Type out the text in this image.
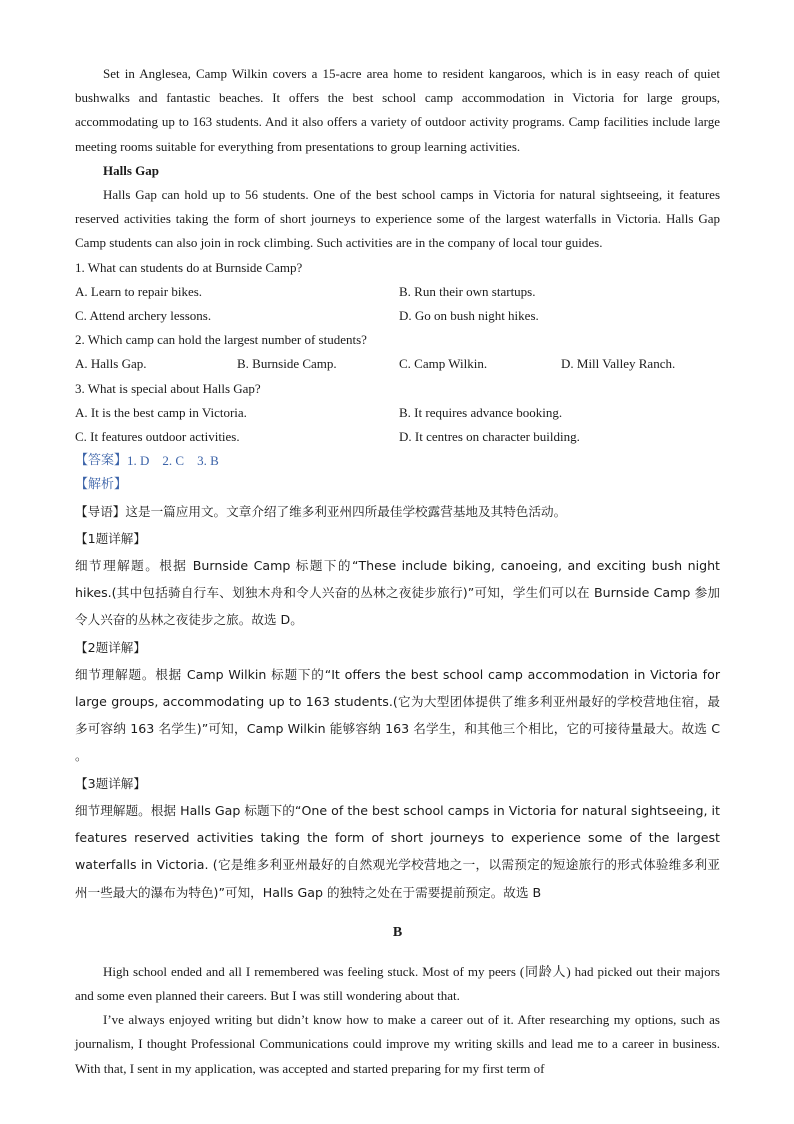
Set in Anglesea, Camp Wilkin covers a 15-acre area home to resident kangaroos, which is in easy reach of quiet bushwalks and fantastic beaches. It offers the best school camp accommodation in Victoria for large groups, accommodating up to 163 students. And it also offers a variety of outdoor activity programs. Camp facilities include large meeting rooms suitable for everything from presentations to group learning activities.

Halls Gap

Halls Gap can hold up to 56 students. One of the best school camps in Victoria for natural sightseeing, it features reserved activities taking the form of short journeys to experience some of the largest waterfalls in Victoria. Halls Gap Camp students can also join in rock climbing. Such activities are in the company of local tour guides.

1. What can students do at Burnside Camp?

A. Learn to repair bikes.	B. Run their own startups.
C. Attend archery lessons.	D. Go on bush night hikes.

2. Which camp can hold the largest number of students?

A. Halls Gap.	B. Burnside Camp.	C. Camp Wilkin.	D. Mill Valley Ranch.

3. What is special about Halls Gap?

A. It is the best camp in Victoria.	B. It requires advance booking.
C. It features outdoor activities.	D. It centres on character building.
【答案】 1. D    2. C    3. B
【解析】

【导语】这是一篇应用文。文章介绍了维多利亚州四所最佳学校露营基地及其特色活动。

【1题详解】

细节理解题。根据 Burnside Camp 标题下的“These include biking, canoeing, and exciting bush night hikes.(其中包括骑自行车、划独木舟和令人兴奋的丛林之夜徒步旅行)”可知，学生们可以在 Burnside Camp 参加令人兴奋的丛林之夜徒步之旅。故选 D。

【2题详解】

细节理解题。根据 Camp Wilkin 标题下的“It offers the best school camp accommodation in Victoria for large groups, accommodating up to 163 students.(它为大型团体提供了维多利亚州最好的学校营地住宿，最多可容纳 163 名学生)”可知，Camp Wilkin 能够容纳 163 名学生，和其他三个相比，它的可接待量最大。故选 C 。

【3题详解】

细节理解题。根据 Halls Gap 标题下的“One of the best school camps in Victoria for natural sightseeing, it features reserved activities taking the form of short journeys to experience some of the largest waterfalls in Victoria. (它是维多利亚州最好的自然观光学校营地之一，以需预定的短途旅行的形式体验维多利亚州一些最大的瀑布为特色)”可知，Halls Gap 的独特之处在于需要提前预定。故选 B

B

High school ended and all I remembered was feeling stuck. Most of my peers (同龄人) had picked out their majors and some even planned their careers. But I was still wondering about that.

I’ve always enjoyed writing but didn’t know how to make a career out of it. After researching my options, such as journalism, I thought Professional Communications could improve my writing skills and lead me to a career in business. With that, I sent in my application, was accepted and started preparing for my first term of
